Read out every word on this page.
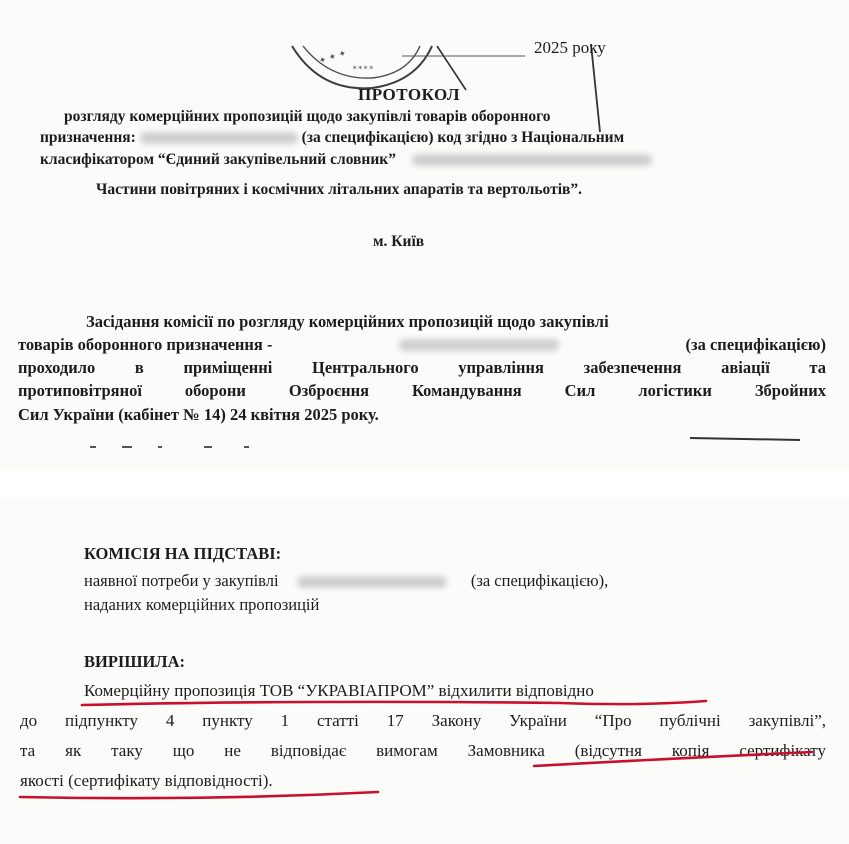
✦ ✦ ✦
∗∗∗∗
2025 року
ПРОТОКОЛ
розгляду комерційних пропозицій щодо закупівлі товарів оборонного
призначення:	(за специфікацією) код згідно з Національним
класифікатором “Єдиний закупівельний словник”
Частини повітряних і космічних літальних апаратів та вертольотів”.
м. Київ
Засідання комісії по розгляду комерційних пропозицій щодо закупівлі
товарів оборонного призначення -	(за специфікацією)
проходило в приміщенні Центрального управління забезпечення авіації та
протиповітряної оборони Озброєння Командування Сил логістики Збройних
Сил України (кабінет № 14) 24 квітня 2025 року.
КОМІСІЯ НА ПІДСТАВІ:
наявної потреби у закупівлі	(за специфікацією),
наданих комерційних пропозицій
ВИРІШИЛА:
Комерційну пропозиція ТОВ “УКРАВІАПРОМ” відхилити відповідно
до підпункту 4 пункту 1 статті 17 Закону України “Про публічні закупівлі”,
та як таку що не відповідає вимогам Замовника (відсутня копія сертифікату
якості (сертифікату відповідності).
